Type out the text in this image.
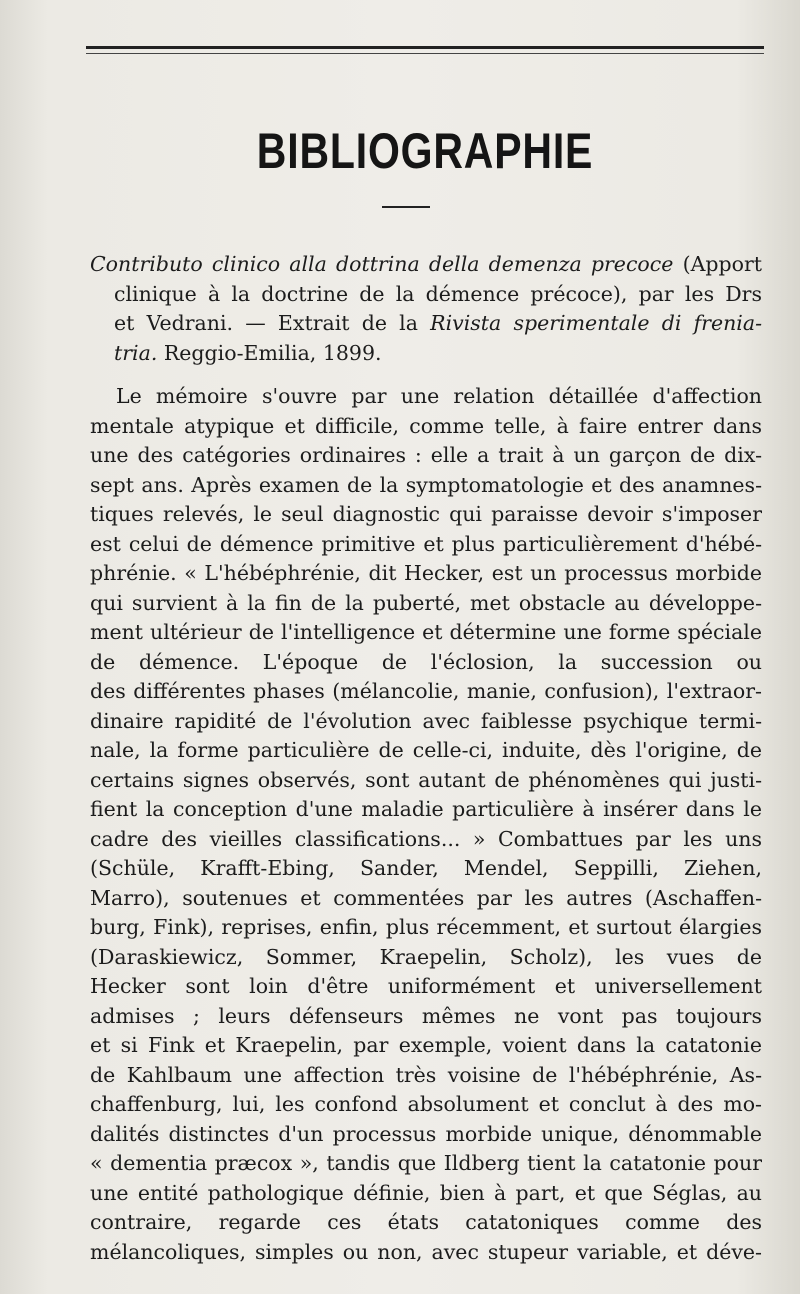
BIBLIOGRAPHIE
Contributo clinico alla dottrina della demenza precoce (Apport
clinique à la doctrine de la démence précoce), par les Drs
et Vedrani. — Extrait de la Rivista sperimentale di frenia-
tria. Reggio-Emilia, 1899.
Le mémoire s'ouvre par une relation détaillée d'affection
mentale atypique et difficile, comme telle, à faire entrer dans
une des catégories ordinaires : elle a trait à un garçon de dix-
sept ans. Après examen de la symptomatologie et des anamnes-
tiques relevés, le seul diagnostic qui paraisse devoir s'imposer
est celui de démence primitive et plus particulièrement d'hébé-
phrénie. « L'hébéphrénie, dit Hecker, est un processus morbide
qui survient à la fin de la puberté, met obstacle au développe-
ment ultérieur de l'intelligence et détermine une forme spéciale
de démence. L'époque de l'éclosion, la succession ou
des différentes phases (mélancolie, manie, confusion), l'extraor-
dinaire rapidité de l'évolution avec faiblesse psychique termi-
nale, la forme particulière de celle-ci, induite, dès l'origine, de
certains signes observés, sont autant de phénomènes qui justi-
fient la conception d'une maladie particulière à insérer dans le
cadre des vieilles classifications... » Combattues par les uns
(Schüle, Krafft-Ebing, Sander, Mendel, Seppilli, Ziehen,
Marro), soutenues et commentées par les autres (Aschaffen-
burg, Fink), reprises, enfin, plus récemment, et surtout élargies
(Daraskiewicz, Sommer, Kraepelin, Scholz), les vues de
Hecker sont loin d'être uniformément et universellement
admises ; leurs défenseurs mêmes ne vont pas toujours
et si Fink et Kraepelin, par exemple, voient dans la catatonie
de Kahlbaum une affection très voisine de l'hébéphrénie, As-
chaffenburg, lui, les confond absolument et conclut à des mo-
dalités distinctes d'un processus morbide unique, dénommable
« dementia præcox », tandis que Ildberg tient la catatonie pour
une entité pathologique définie, bien à part, et que Séglas, au
contraire, regarde ces états catatoniques comme des
mélancoliques, simples ou non, avec stupeur variable, et déve-
